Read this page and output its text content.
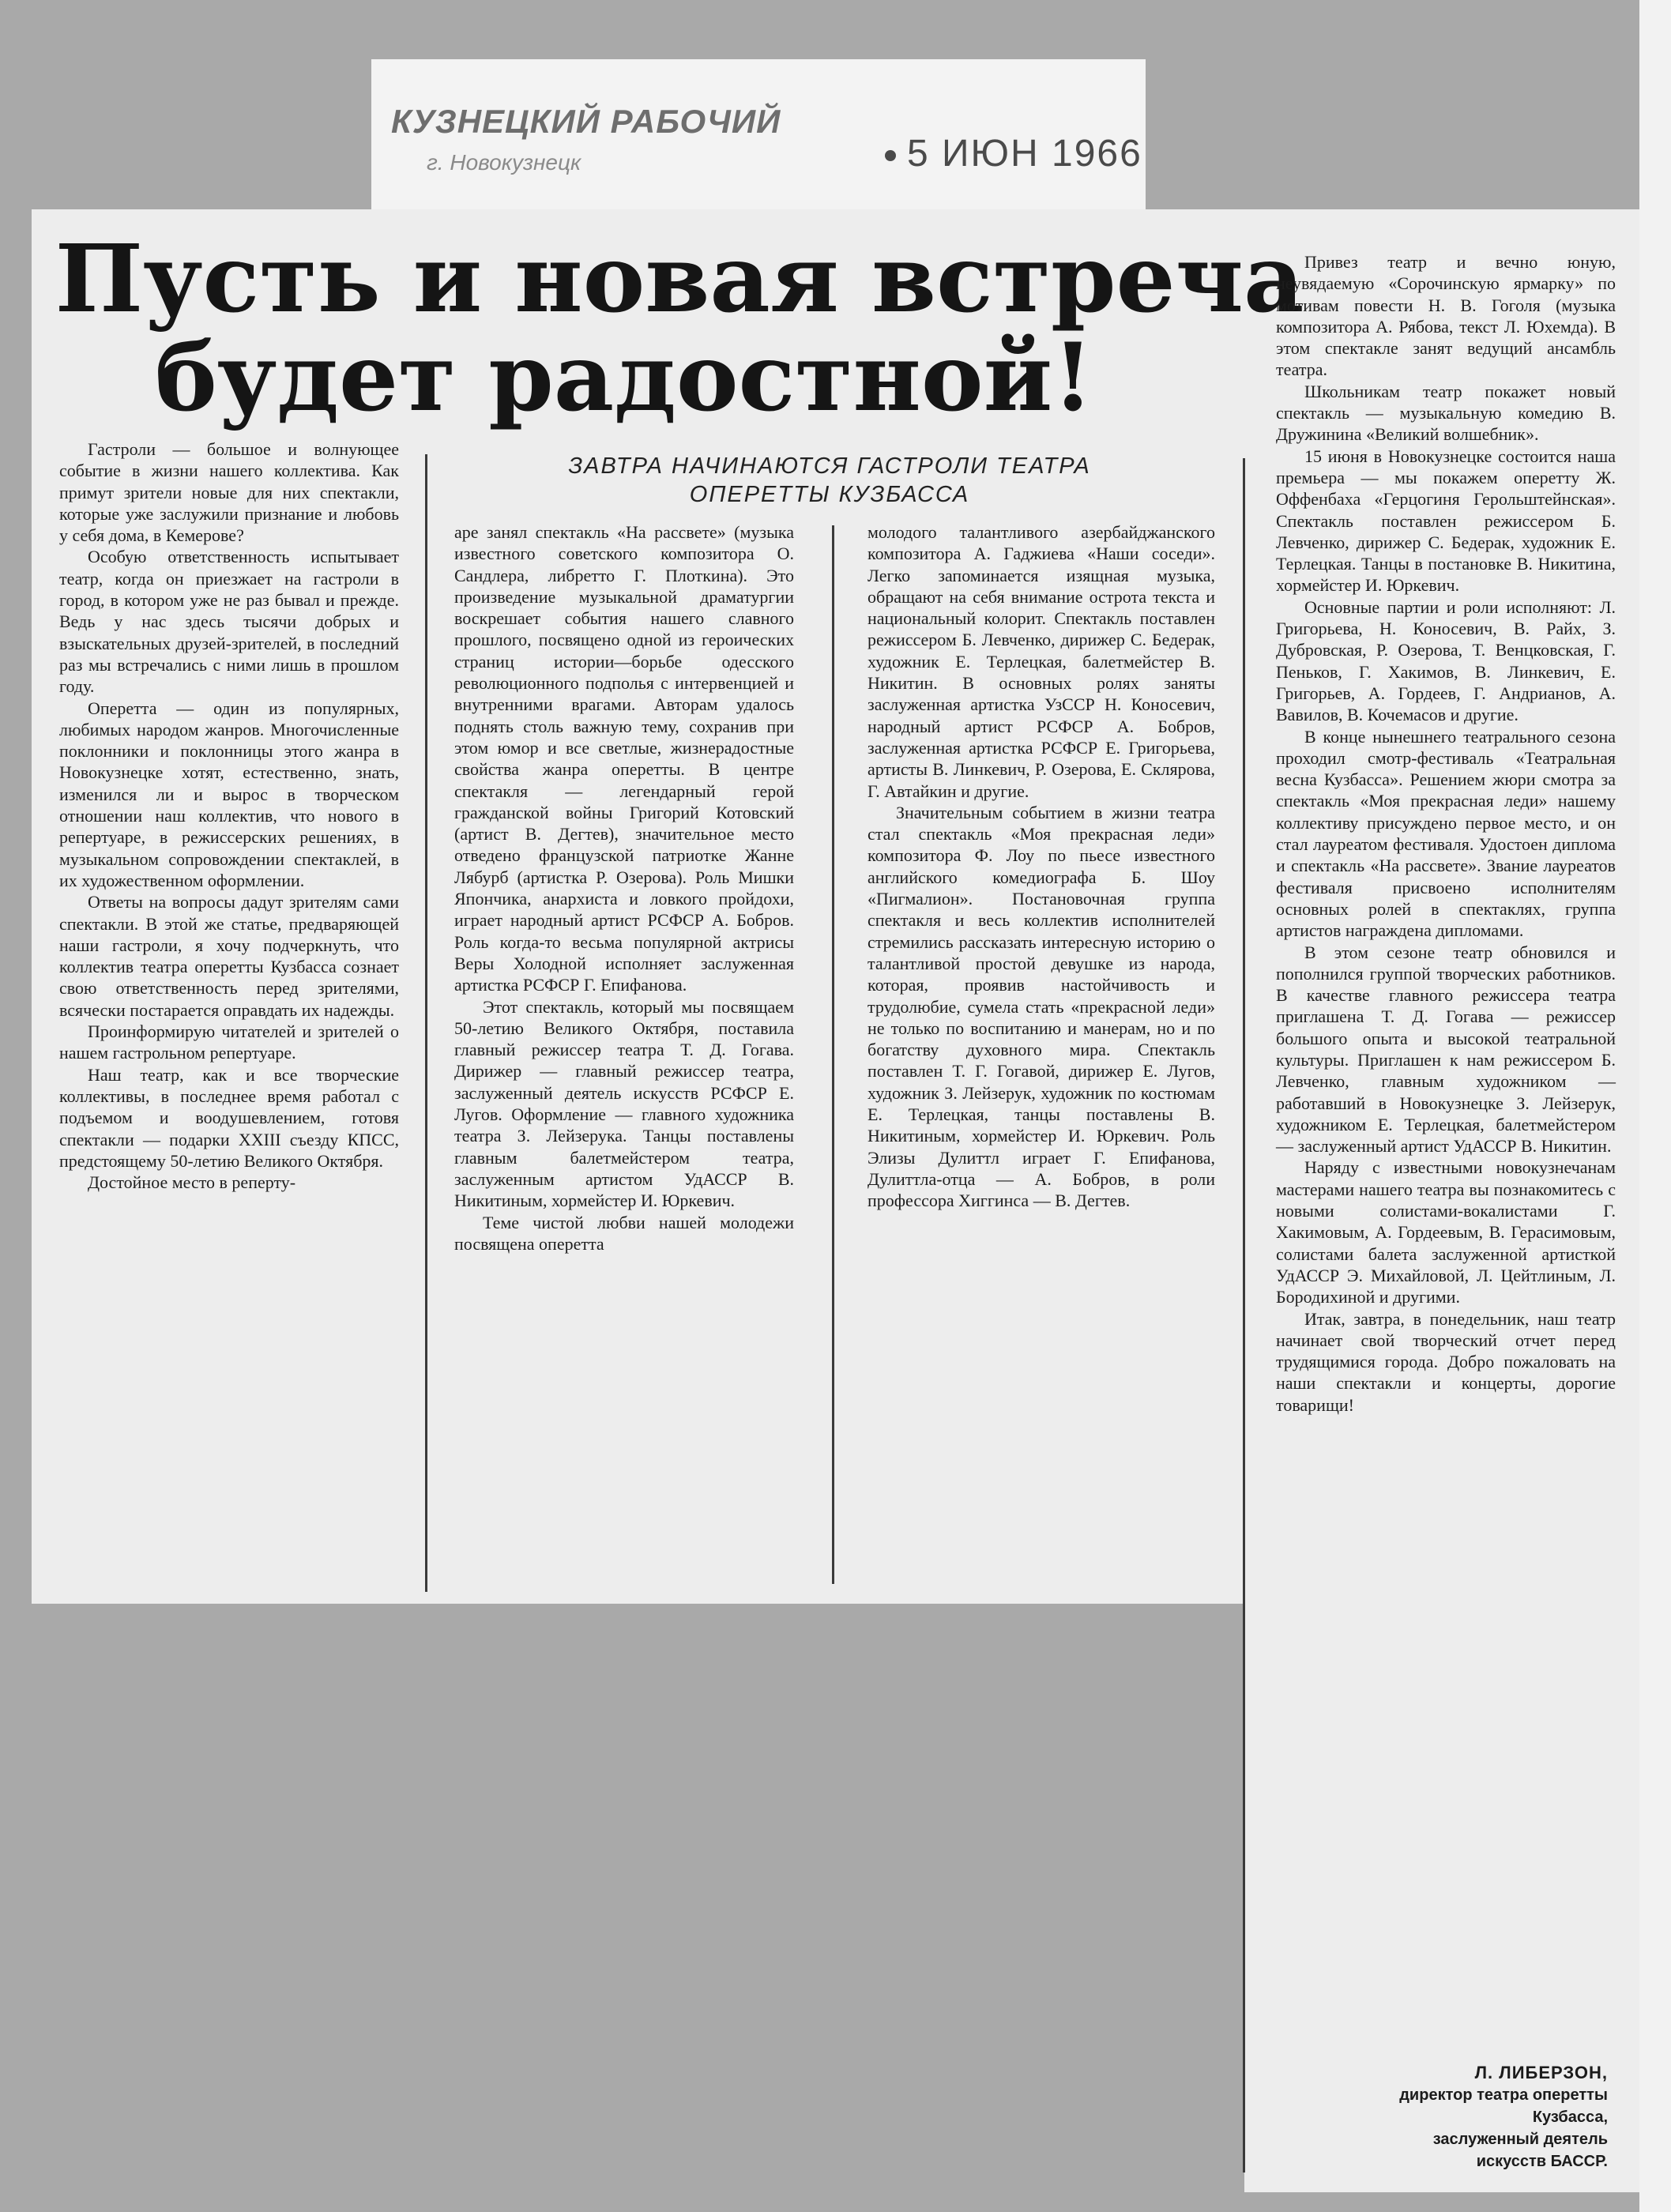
КУЗНЕЦКИЙ РАБОЧИЙ
г. Новокузнецк	5 ИЮН 1966
Пусть и новая встреча
будет радостной!
ЗАВТРА НАЧИНАЮТСЯ ГАСТРОЛИ ТЕАТРА
ОПЕРЕТТЫ КУЗБАССА

Гастроли — большое и волнующее событие в жизни нашего коллектива. Как примут зрители новые для них спектакли, которые уже заслужили признание и любовь у себя дома, в Кемерове?

Особую ответственность испытывает театр, когда он приезжает на гастроли в город, в котором уже не раз бывал и прежде. Ведь у нас здесь тысячи добрых и взыскательных друзей-зрителей, в последний раз мы встречались с ними лишь в прошлом году.

Оперетта — один из популярных, любимых народом жанров. Многочисленные поклонники и поклонницы этого жанра в Новокузнецке хотят, естественно, знать, изменился ли и вырос в творческом отношении наш коллектив, что нового в репертуаре, в режиссерских решениях, в музыкальном сопровождении спектаклей, в их художественном оформлении.

Ответы на вопросы дадут зрителям сами спектакли. В этой же статье, предваряющей наши гастроли, я хочу подчеркнуть, что коллектив театра оперетты Кузбасса сознает свою ответственность перед зрителями, всячески постарается оправдать их надежды.

Проинформирую читателей и зрителей о нашем гастрольном репертуаре.

Наш театр, как и все творческие коллективы, в последнее время работал с подъемом и воодушевлением, готовя спектакли — подарки XXIII съезду КПСС, предстоящему 50-летию Великого Октября.

Достойное место в реперту-

аре занял спектакль «На рассвете» (музыка известного советского композитора О. Сандлера, либретто Г. Плоткина). Это произведение музыкальной драматургии воскрешает события нашего славного прошлого, посвящено одной из героических страниц истории—борьбе одесского революционного подполья с интервенцией и внутренними врагами. Авторам удалось поднять столь важную тему, сохранив при этом юмор и все светлые, жизнерадостные свойства жанра оперетты. В центре спектакля — легендарный герой гражданской войны Григорий Котовский (артист В. Дегтев), значительное место отведено французской патриотке Жанне Лябурб (артистка Р. Озерова). Роль Мишки Япончика, анархиста и ловкого пройдохи, играет народный артист РСФСР А. Бобров. Роль когда-то весьма популярной актрисы Веры Холодной исполняет заслуженная артистка РСФСР Г. Епифанова.

Этот спектакль, который мы посвящаем 50-летию Великого Октября, поставила главный режиссер театра Т. Д. Гогава. Дирижер — главный режиссер театра, заслуженный деятель искусств РСФСР Е. Лугов. Оформление — главного художника театра З. Лейзерука. Танцы поставлены главным балетмейстером театра, заслуженным артистом УдАССР В. Никитиным, хормейстер И. Юркевич.

Теме чистой любви нашей молодежи посвящена оперетта

молодого талантливого азербайджанского композитора А. Гаджиева «Наши соседи». Легко запоминается изящная музыка, обращают на себя внимание острота текста и национальный колорит. Спектакль поставлен режиссером Б. Левченко, дирижер С. Бедерак, художник Е. Терлецкая, балетмейстер В. Никитин. В основных ролях заняты заслуженная артистка УзССР Н. Коносевич, народный артист РСФСР А. Бобров, заслуженная артистка РСФСР Е. Григорьева, артисты В. Линкевич, Р. Озерова, Е. Склярова, Г. Автайкин и другие.

Значительным событием в жизни театра стал спектакль «Моя прекрасная леди» композитора Ф. Лоу по пьесе известного английского комедиографа Б. Шоу «Пигмалион». Постановочная группа спектакля и весь коллектив исполнителей стремились рассказать интересную историю о талантливой простой девушке из народа, которая, проявив настойчивость и трудолюбие, сумела стать «прекрасной леди» не только по воспитанию и манерам, но и по богатству духовного мира. Спектакль поставлен Т. Г. Гогавой, дирижер Е. Лугов, художник З. Лейзерук, художник по костюмам Е. Терлецкая, танцы поставлены В. Никитиным, хормейстер И. Юркевич. Роль Элизы Дулиттл играет Г. Епифанова, Дулиттла-отца — А. Бобров, в роли профессора Хиггинса — В. Дегтев.

Привез театр и вечно юную, неувядаемую «Сорочинскую ярмарку» по мотивам повести Н. В. Гоголя (музыка композитора А. Рябова, текст Л. Юхемда). В этом спектакле занят ведущий ансамбль театра.

Школьникам театр покажет новый спектакль — музыкальную комедию В. Дружинина «Великий волшебник».

15 июня в Новокузнецке состоится наша премьера — мы покажем оперетту Ж. Оффенбаха «Герцогиня Герольштейнская». Спектакль поставлен режиссером Б. Левченко, дирижер С. Бедерак, художник Е. Терлецкая. Танцы в постановке В. Никитина, хормейстер И. Юркевич.

Основные партии и роли исполняют: Л. Григорьева, Н. Коносевич, В. Райх, З. Дубровская, Р. Озерова, Т. Венцковская, Г. Пеньков, Г. Хакимов, В. Линкевич, Е. Григорьев, А. Гордеев, Г. Андрианов, А. Вавилов, В. Кочемасов и другие.

В конце нынешнего театрального сезона проходил смотр-фестиваль «Театральная весна Кузбасса». Решением жюри смотра за спектакль «Моя прекрасная леди» нашему коллективу присуждено первое место, и он стал лауреатом фестиваля. Удостоен диплома и спектакль «На рассвете». Звание лауреатов фестиваля присвоено исполнителям основных ролей в спектаклях, группа артистов награждена дипломами.

В этом сезоне театр обновился и пополнился группой творческих работников. В качестве главного режиссера театра приглашена Т. Д. Гогава — режиссер большого опыта и высокой театральной культуры. Приглашен к нам режиссером Б. Левченко, главным художником — работавший в Новокузнецке З. Лейзерук, художником Е. Терлецкая, балетмейстером — заслуженный артист УдАССР В. Никитин.

Наряду с известными новокузнечанам мастерами нашего театра вы познакомитесь с новыми солистами-вокалистами Г. Хакимовым, А. Гордеевым, В. Герасимовым, солистами балета заслуженной артисткой УдАССР Э. Михайловой, Л. Цейтлиным, Л. Бородихиной и другими.

Итак, завтра, в понедельник, наш театр начинает свой творческий отчет перед трудящимися города. Добро пожаловать на наши спектакли и концерты, дорогие товарищи!

Л. ЛИБЕРЗОН,
директор театра оперетты
Кузбасса,
заслуженный деятель
искусств БАССР.
